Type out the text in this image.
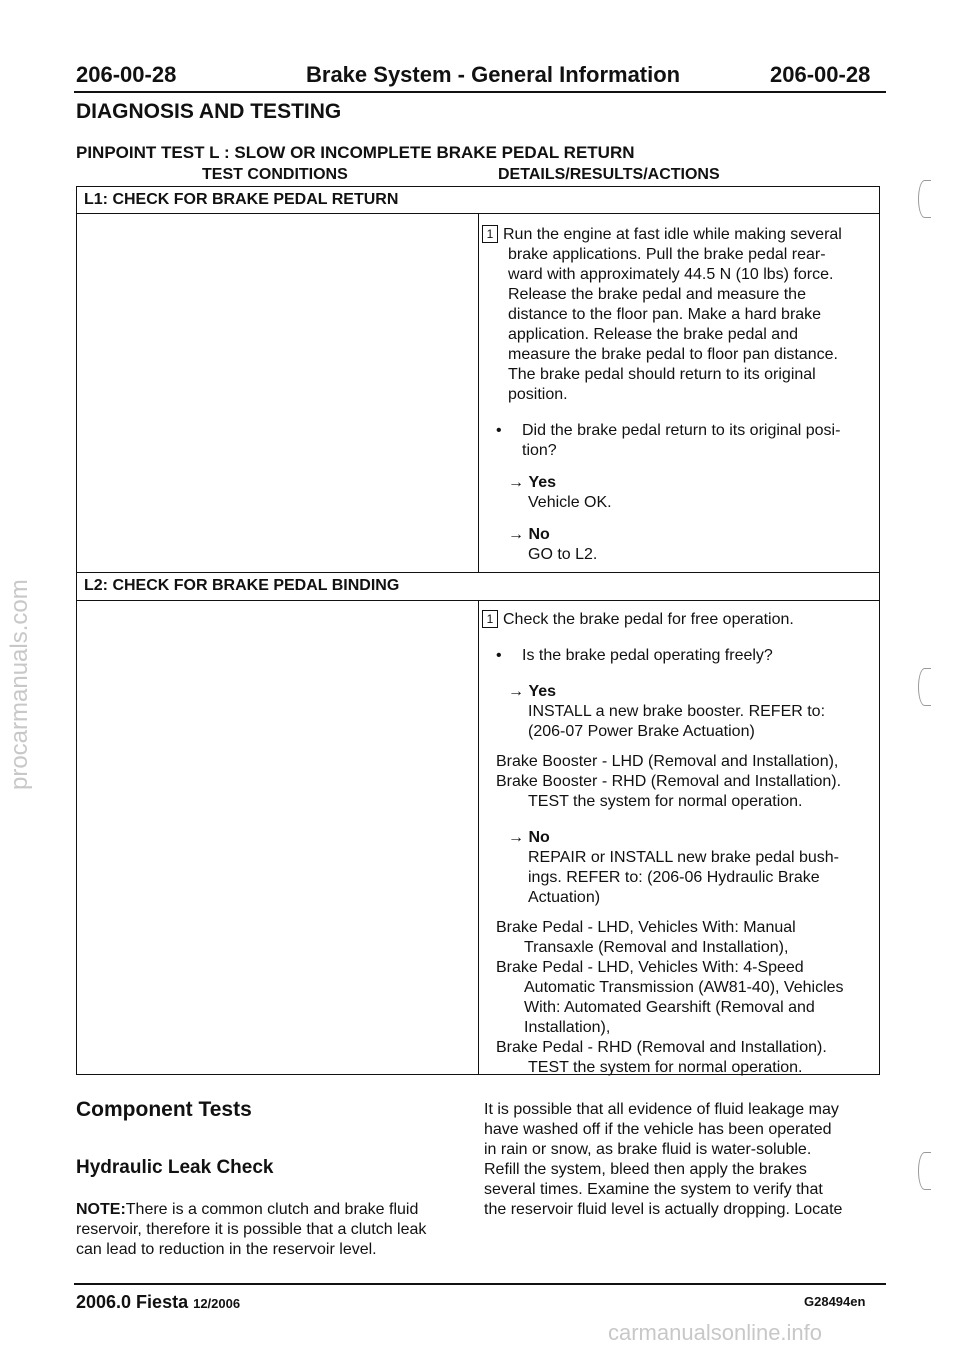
206-00-28	Brake System - General Information	206-00-28
DIAGNOSIS AND TESTING
PINPOINT TEST L : SLOW OR INCOMPLETE BRAKE PEDAL RETURN
TEST CONDITIONS	DETAILS/RESULTS/ACTIONS
L1: CHECK FOR BRAKE PEDAL RETURN

1 Run the engine at fast idle while making several

brake applications. Pull the brake pedal rear-

ward with approximately 44.5 N (10 lbs) force.

Release the brake pedal and measure the

distance to the floor pan. Make a hard brake

application. Release the brake pedal and

measure the brake pedal to floor pan distance.

The brake pedal should return to its original

position.

• Did the brake pedal return to its original posi-

tion?

→ Yes

Vehicle OK.

→ No

GO to L2.

L2: CHECK FOR BRAKE PEDAL BINDING

1 Check the brake pedal for free operation.

• Is the brake pedal operating freely?

→ Yes

INSTALL a new brake booster. REFER to:

(206-07 Power Brake Actuation)

Brake Booster - LHD (Removal and Installation),

Brake Booster - RHD (Removal and Installation).

TEST the system for normal operation.

→ No

REPAIR or INSTALL new brake pedal bush-

ings. REFER to: (206-06 Hydraulic Brake

Actuation)

Brake Pedal - LHD, Vehicles With: Manual

Transaxle (Removal and Installation),

Brake Pedal - LHD, Vehicles With: 4-Speed

Automatic Transmission (AW81-40), Vehicles

With: Automated Gearshift (Removal and

Installation),

Brake Pedal - RHD (Removal and Installation).

TEST the system for normal operation.

Component Tests
Hydraulic Leak Check
NOTE:There is a common clutch and brake fluid
reservoir, therefore it is possible that a clutch leak
can lead to reduction in the reservoir level.
It is possible that all evidence of fluid leakage may
have washed off if the vehicle has been operated
in rain or snow, as brake fluid is water-soluble.
Refill the system, bleed then apply the brakes
several times. Examine the system to verify that
the reservoir fluid level is actually dropping. Locate
2006.0 Fiesta 12/2006	G28494en
procarmanuals.com
carmanualsonline.info
